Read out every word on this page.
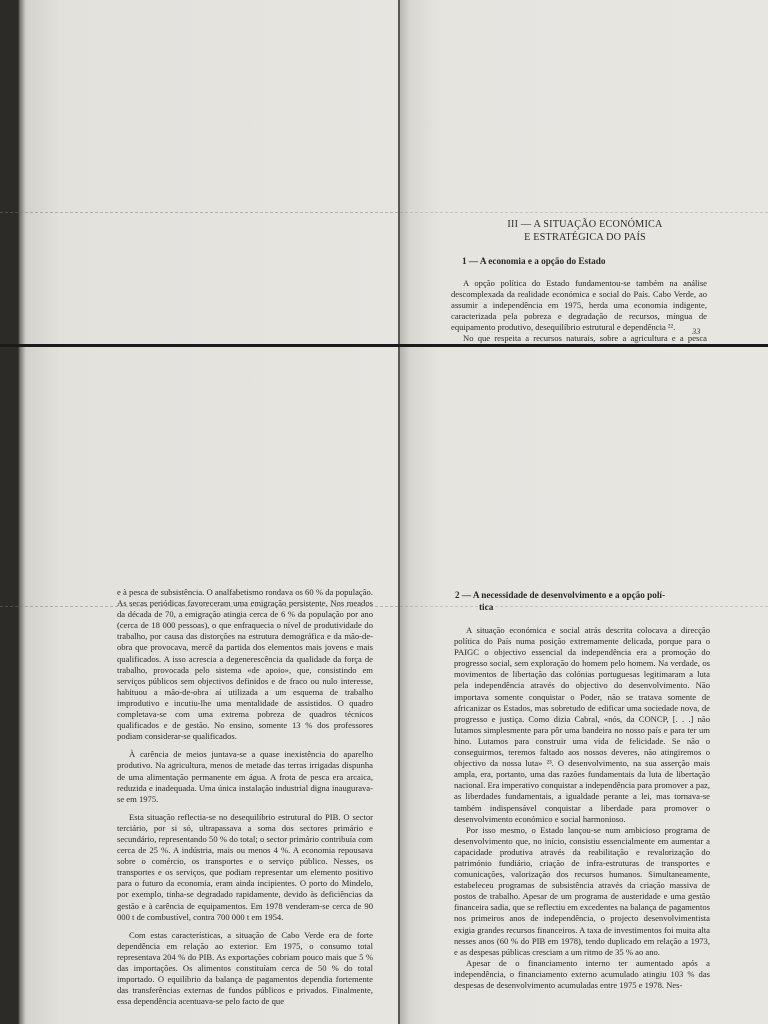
III — A SITUAÇÃO ECONÓMICA
E ESTRATÉGICA DO PAÍS
1 — A economia e a opção do Estado

A opção política do Estado fundamentou-se também na análise descomplexada da realidade económica e social do País. Cabo Verde, ao assumir a independência em 1975, herda uma economia indigente, caracterizada pela pobreza e degradação de recursos, míngua de equipamento produtivo, desequilíbrio estrutural e dependência ²².

No que respeita a recursos naturais, sobre a agricultura e a pesca

33

e à pesca de subsistência. O analfabetismo rondava os 60 % da população. As secas periódicas favoreceram uma emigração persistente. Nos meados da década de 70, a emigração atingia cerca de 6 % da população por ano (cerca de 18 000 pessoas), o que enfraquecia o nível de produtividade do trabalho, por causa das distorções na estrutura demográfica e da mão-de-obra que provocava, mercê da partida dos elementos mais jovens e mais qualificados. A isso acrescia a degenerescência da qualidade da força de trabalho, provocada pelo sistema «de apoio», que, consistindo em serviços públicos sem objectivos definidos e de fraco ou nulo interesse, habituou a mão-de-obra aí utilizada a um esquema de trabalho improdutivo e incutiu-lhe uma mentalidade de assistidos. O quadro completava-se com uma extrema pobreza de quadros técnicos qualificados e de gestão. No ensino, somente 13 % dos professores podiam considerar-se qualificados.

À carência de meios juntava-se a quase inexistência do aparelho produtivo. Na agricultura, menos de metade das terras irrigadas dispunha de uma alimentação permanente em água. A frota de pesca era arcaica, reduzida e inadequada. Uma única instalação industrial digna inaugurava-se em 1975.

Esta situação reflectia-se no desequilíbrio estrutural do PIB. O sector terciário, por si só, ultrapassava a soma dos sectores primário e secundário, representando 50 % do total; o sector primário contribuía com cerca de 25 %. A indústria, mais ou menos 4 %. A economia repousava sobre o comércio, os transportes e o serviço público. Nesses, os transportes e os serviços, que podiam representar um elemento positivo para o futuro da economia, eram ainda incipientes. O porto do Mindelo, por exemplo, tinha-se degradado rapidamente, devido às deficiências da gestão e à carência de equipamentos. Em 1978 venderam-se cerca de 90 000 t de combustível, contra 700 000 t em 1954.

Com estas características, a situação de Cabo Verde era de forte dependência em relação ao exterior. Em 1975, o consumo total representava 204 % do PIB. As exportações cobriam pouco mais que 5 % das importações. Os alimentos constituíam cerca de 50 % do total importado. O equilíbrio da balança de pagamentos dependia fortemente das transferências externas de fundos públicos e privados. Finalmente, essa dependência acentuava-se pelo facto de que

2 — A necessidade de desenvolvimento e a opção polí-
tica

A situação económica e social atrás descrita colocava a direcção política do País numa posição extremamente delicada, porque para o PAIGC o objectivo essencial da independência era a promoção do progresso social, sem exploração do homem pelo homem. Na verdade, os movimentos de libertação das colónias portuguesas legitimaram a luta pela independência através do objectivo do desenvolvimento. Não importava somente conquistar o Poder, não se tratava somente de africanizar os Estados, mas sobretudo de edificar uma sociedade nova, de progresso e justiça. Como dizia Cabral, «nós, da CONCP, [. . .] não lutamos simplesmente para pôr uma bandeira no nosso país e para ter um hino. Lutamos para construir uma vida de felicidade. Se não o conseguirmos, teremos faltado aos nossos deveres, não atingiremos o objectivo da nossa luta» ²³. O desenvolvimento, na sua asserção mais ampla, era, portanto, uma das razões fundamentais da luta de libertação nacional. Era imperativo conquistar a independência para promover a paz, as liberdades fundamentais, a igualdade perante a lei, mas tornava-se também indispensável conquistar a liberdade para promover o desenvolvimento económico e social harmonioso.

Por isso mesmo, o Estado lançou-se num ambicioso programa de desenvolvimento que, no início, consistiu essencialmente em aumentar a capacidade produtiva através da reabilitação e revalorização do património fundiário, criação de infra-estruturas de transportes e comunicações, valorização dos recursos humanos. Simultaneamente, estabeleceu programas de subsistência através da criação massiva de postos de trabalho. Apesar de um programa de austeridade e uma gestão financeira sadia, que se reflectiu em excedentes na balança de pagamentos nos primeiros anos de independência, o projecto desenvolvimentista exigia grandes recursos financeiros. A taxa de investimentos foi muita alta nesses anos (60 % do PIB em 1978), tendo duplicado em relação a 1973, e as despesas públicas cresciam a um ritmo de 35 % ao ano.

Apesar de o financiamento interno ter aumentado após a independência, o financiamento externo acumulado atingiu 103 % das despesas de desenvolvimento acumuladas entre 1975 e 1978. Nes-
